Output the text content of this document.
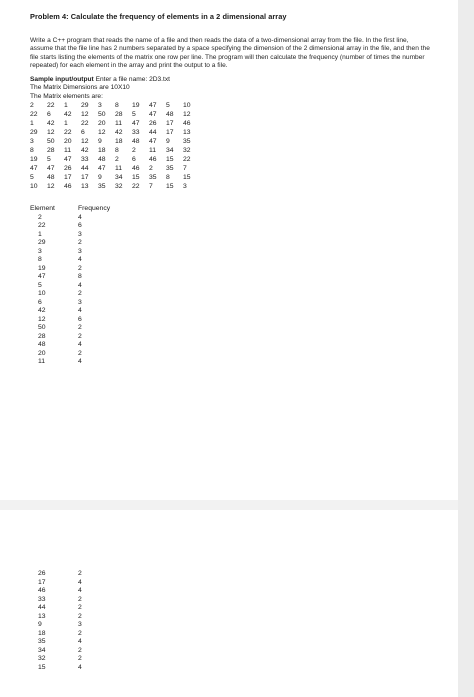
Problem 4: Calculate the frequency of elements in a 2 dimensional array
Write a C++ program that reads the name of a file and then reads the data of a two-dimensional array from the file. In the first line, assume that the file line has 2 numbers separated by a space specifying the dimension of the 2 dimensional array in the file, and then the file starts listing the elements of the matrix one row per line. The program will then calculate the frequency (number of times the number repeated) for each element in the array and print the output to a file.
Sample input/output Enter a file name: 2D3.txt
The Matrix Dimensions are 10X10
The Matrix elements are:
2	22	1	29	3	8	19	47	5	10
22	6	42	12	50	28	5	47	48	12
1	42	1	22	20	11	47	26	17	46
29	12	22	6	12	42	33	44	17	13
3	50	20	12	9	18	48	47	9	35
8	28	11	42	18	8	2	11	34	32
19	5	47	33	48	2	6	46	15	22
47	47	26	44	47	11	46	2	35	7
5	48	17	17	9	34	15	35	8	15
10	12	46	13	35	32	22	7	15	3
Element	Frequency
2	4
22	6
1	3
29	2
3	3
8	4
19	2
47	8
5	4
10	2
6	3
42	4
12	6
50	2
28	2
48	4
20	2
11	4
26	2
17	4
46	4
33	2
44	2
13	2
9	3
18	2
35	4
34	2
32	2
15	4
